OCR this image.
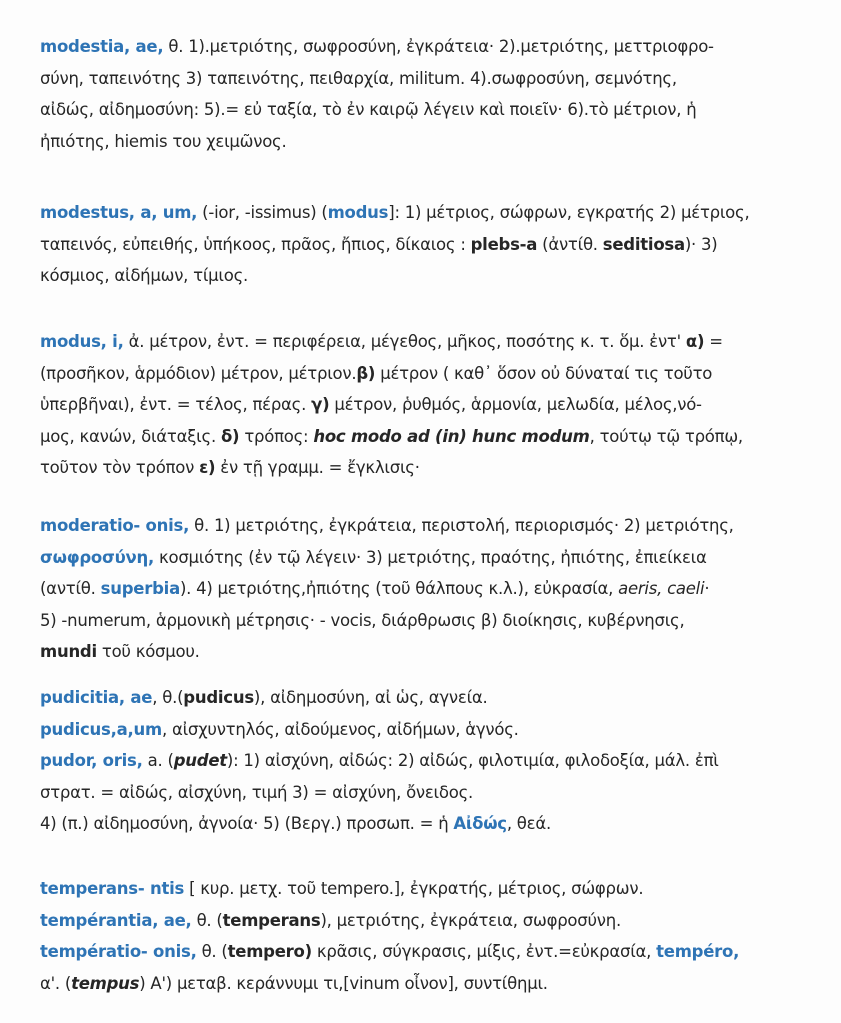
modestia, ae, θ. 1).μετριότης, σωφροσύνη, ἐγκράτεια· 2).μετριότης, μεττριοφρο-
σύνη, ταπεινότης 3) ταπεινότης, πειθαρχία, militum. 4).σωφροσύνη, σεμνότης,
αἰδώς, αἰδημοσύνη: 5).= εὐ ταξία, τὸ ἐν καιρῷ λέγειν καὶ ποιεῖν· 6).τὸ μέτριον, ἡ
ἠπιότης, hiemis του χειμῶνος.
modestus, a, um, (-ior, -issimus) (modus]: 1) μέτριος, σώφρων, εγκρατής 2) μέτριος,
ταπεινός, εὐπειθής, ὑπήκοος, πρᾶος, ἤπιος, δίκαιος : plebs-a (ἀντίθ. seditiosa)· 3)
κόσμιος, αἰδήμων, τίμιος.
modus, i, ἀ. μέτρον, ἐντ. = περιφέρεια, μέγεθος, μῆκος, ποσότης κ. τ. ὅμ. ἐντ' α) =
(προσῆκον, ἁρμόδιον) μέτρον, μέτριον.β) μέτρον ( καθ᾽ ὅσον οὐ δύναταί τις τοῦτο
ὑπερβῆναι), ἐντ. = τέλος, πέρας. γ) μέτρον, ῥυθμός, ἁρμονία, μελωδία, μέλος,νό-
μος, κανών, διάταξις. δ) τρόπος: hoc modo ad (in) hunc modum, τούτῳ τῷ τρόπῳ,
τοῦτον τὸν τρόπον ε) ἐν τῇ γραμμ. = ἔγκλισις·
moderatio- onis, θ. 1) μετριότης, ἐγκράτεια, περιστολή, περιορισμός· 2) μετριότης,
σωφροσύνη, κοσμιότης (ἐν τῷ λέγειν· 3) μετριότης, πραότης, ἠπιότης, ἐπιείκεια
(αντίθ. superbia). 4) μετριότης,ἠπιότης (τοῦ θάλπους κ.λ.), εὐκρασία, aeris, caeli·
5) -numerum, ἁρμονικὴ μέτρησις· - vocis, διάρθρωσις β) διοίκησις, κυβέρνησις,
mundi τοῦ κόσμου.
pudicitia, ae, θ.(pudicus), αἰδημοσύνη, αἰ ὡς, αγνεία.
pudicus,a,um, αἰσχυντηλός, αἰδούμενος, αἰδήμων, ἁγνός.
pudor, oris, a. (pudet): 1) αἰσχύνη, αἰδώς: 2) αἰδώς, φιλοτιμία, φιλοδοξία, μάλ. ἐπὶ
στρατ. = αἰδώς, αἰσχύνη, τιμή 3) = αἰσχύνη, ὄνειδος.
4) (π.) αἰδημοσύνη, ἀγνοία· 5) (Βεργ.) προσωπ. = ἡ Αἰδώς, θεά.
temperans- ntis [ κυρ. μετχ. τοῦ tempero.], ἐγκρατής, μέτριος, σώφρων.
tempérantia, ae, θ. (temperans), μετριότης, ἐγκράτεια, σωφροσύνη.
températio- onis, θ. (tempero) κρᾶσις, σύγκρασις, μίξις, ἐντ.=εὐκρασία, tempéro,
α'. (tempus) Α') μεταβ. κεράννυμι τι,[vinum οἶνον], συντίθημι.
